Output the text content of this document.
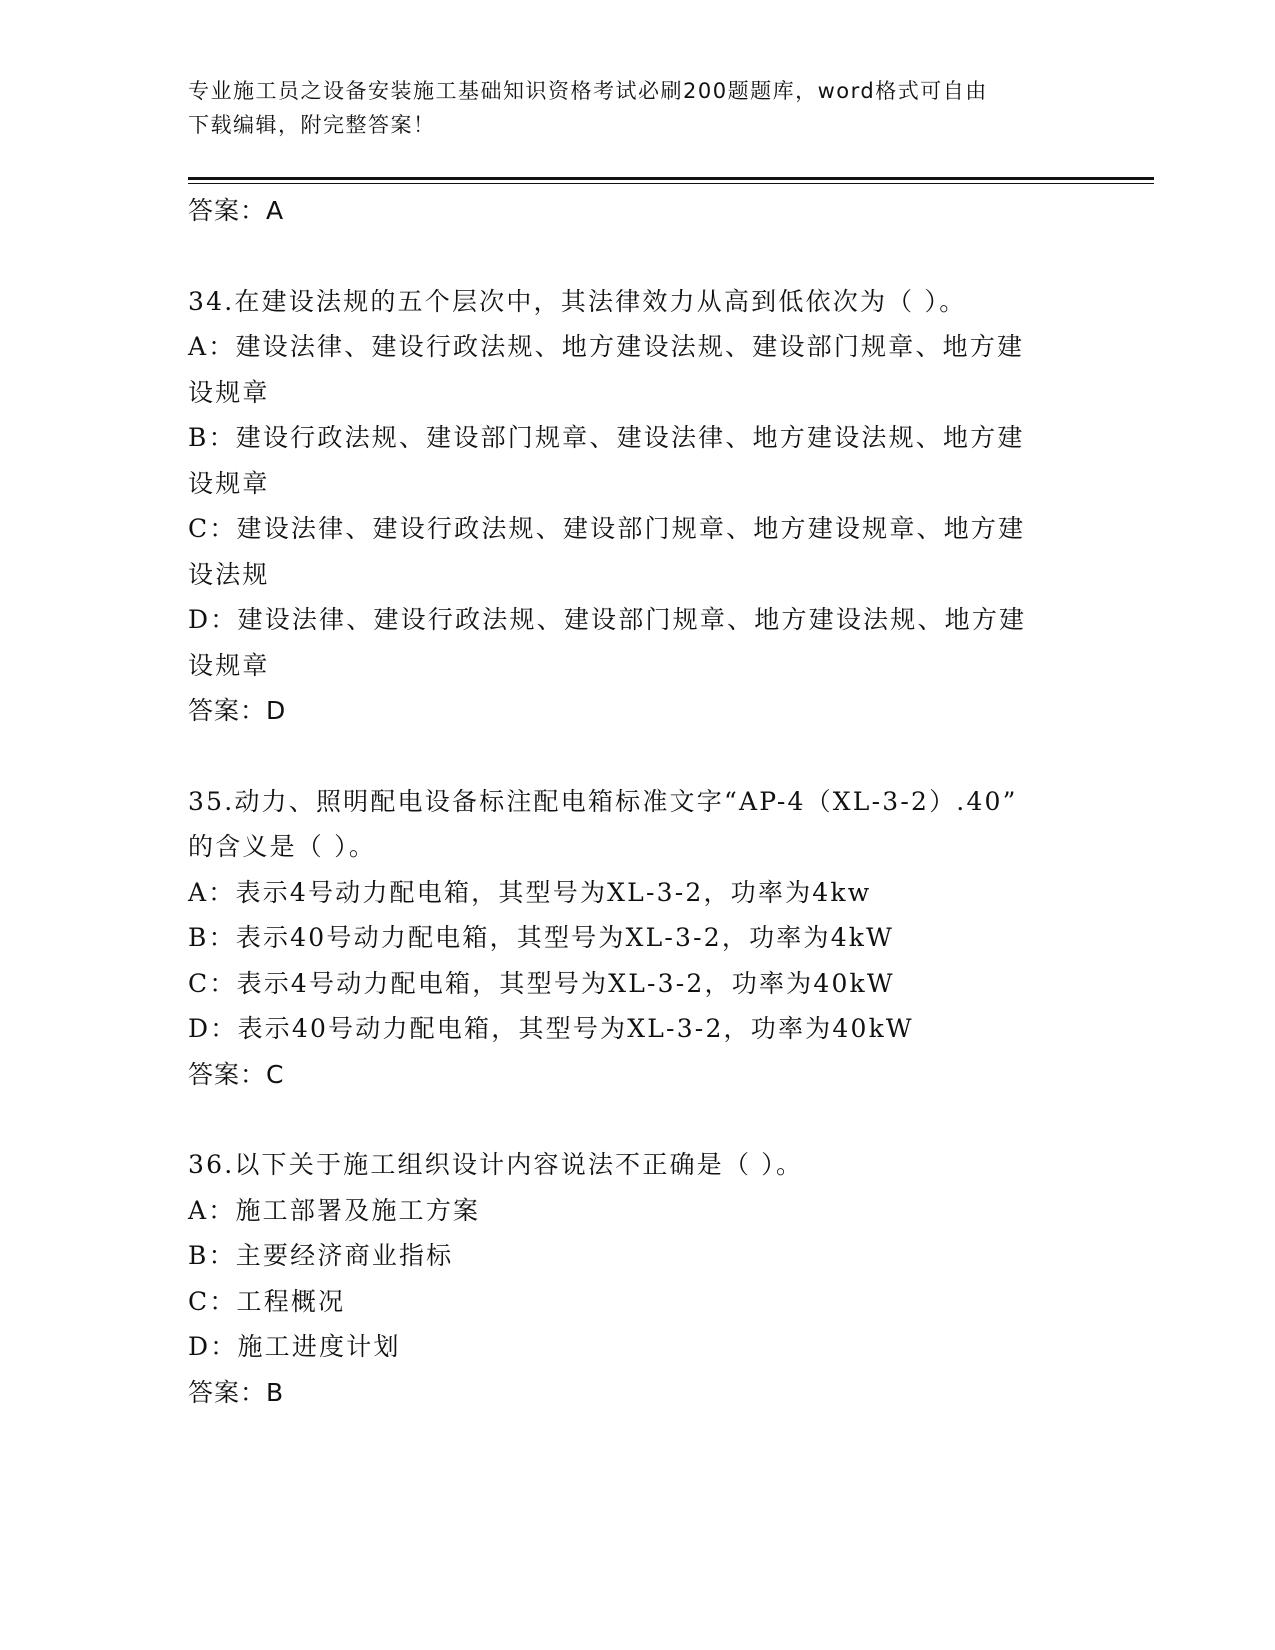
专业施工员之设备安装施工基础知识资格考试必刷200题题库，word格式可自由
下载编辑，附完整答案！
答案：A
34.在建设法规的五个层次中，其法律效力从高到低依次为（ ）。
A：建设法律、建设行政法规、地方建设法规、建设部门规章、地方建
设规章
B：建设行政法规、建设部门规章、建设法律、地方建设法规、地方建
设规章
C：建设法律、建设行政法规、建设部门规章、地方建设规章、地方建
设法规
D：建设法律、建设行政法规、建设部门规章、地方建设法规、地方建
设规章
答案：D
35.动力、照明配电设备标注配电箱标准文字“AP-4（XL-3-2）.40”
的含义是（ ）。
A：表示4号动力配电箱，其型号为XL-3-2，功率为4kw
B：表示40号动力配电箱，其型号为XL-3-2，功率为4kW
C：表示4号动力配电箱，其型号为XL-3-2，功率为40kW
D：表示40号动力配电箱，其型号为XL-3-2，功率为40kW
答案：C
36.以下关于施工组织设计内容说法不正确是（ ）。
A：施工部署及施工方案
B：主要经济商业指标
C：工程概况
D：施工进度计划
答案：B
